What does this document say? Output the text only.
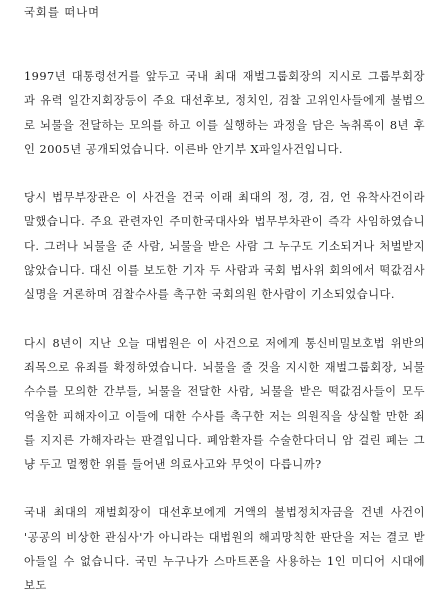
국회를 떠나며

1997년 대통령선거를 앞두고 국내 최대 재벌그룹회장의 지시로 그룹부회장과 유력 일간지회장등이 주요 대선후보, 정치인, 검찰 고위인사들에게 불법으로 뇌물을 전달하는 모의를 하고 이를 실행하는 과정을 담은 녹취록이 8년 후인 2005년 공개되었습니다. 이른바 안기부 X파일사건입니다.

당시 법무부장관은 이 사건을 건국 이래 최대의 정, 경, 검, 언 유착사건이라 말했습니다. 주요 관련자인 주미한국대사와 법무부차관이 즉각 사임하였습니다. 그러나 뇌물을 준 사람, 뇌물을 받은 사람 그 누구도 기소되거나 처벌받지 않았습니다. 대신 이를 보도한 기자 두 사람과 국회 법사위 회의에서 떡값검사 실명을 거론하며 검찰수사를 촉구한 국회의원 한사람이 기소되었습니다.

다시 8년이 지난 오늘 대법원은 이 사건으로 저에게 통신비밀보호법 위반의 죄목으로 유죄를 확정하였습니다. 뇌물을 줄 것을 지시한 재벌그룹회장, 뇌물수수를 모의한 간부들, 뇌물을 전달한 사람, 뇌물을 받은 떡값검사들이 모두 억울한 피해자이고 이들에 대한 수사를 촉구한 저는 의원직을 상실할 만한 죄를 지지른 가해자라는 판결입니다. 폐암환자를 수술한다더니 암 걸린 폐는 그냥 두고 멀쩡한 위를 들어낸 의료사고와 무엇이 다릅니까?

국내 최대의 재벌회장이 대선후보에게 거액의 불법정치자금을 건넨 사건이 '공공의 비상한 관심사'가 아니라는 대법원의 해괴망칙한 판단을 저는 결코 받아들일 수 없습니다. 국민 누구나가 스마트폰을 사용하는 1인 미디어 시대에 보도
